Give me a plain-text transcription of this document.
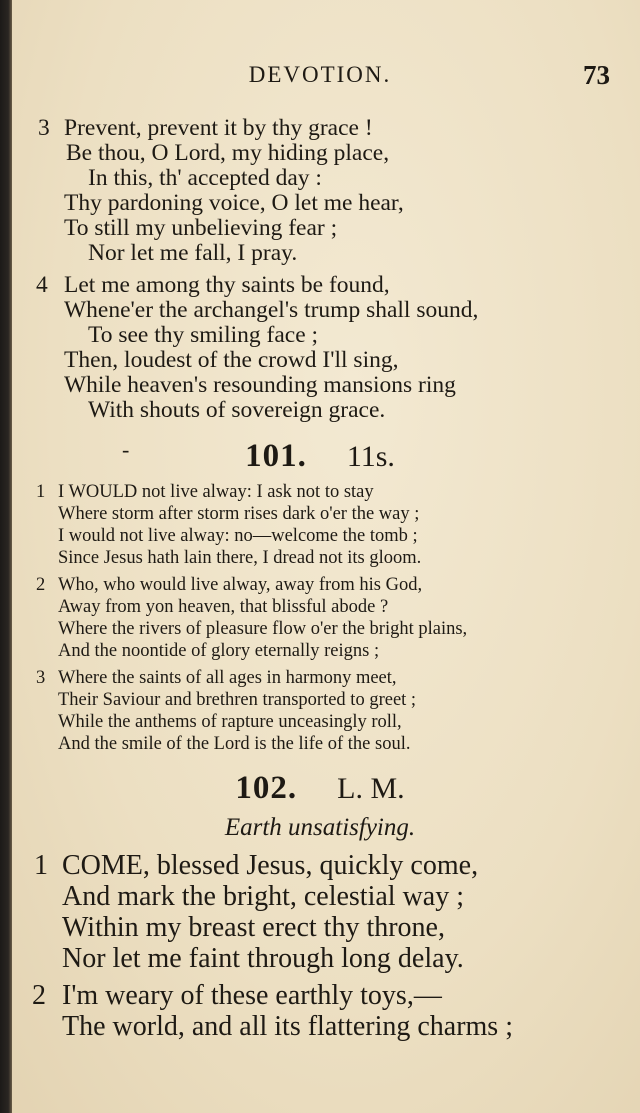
DEVOTION.	73
3 Prevent, prevent it by thy grace !
Be thou, O Lord, my hiding place,
In this, th' accepted day :
Thy pardoning voice, O let me hear,
To still my unbelieving fear ;
Nor let me fall, I pray.
4 Let me among thy saints be found,
Whene'er the archangel's trump shall sound,
To see thy smiling face ;
Then, loudest of the crowd I'll sing,
While heaven's resounding mansions ring
With shouts of sovereign grace.
-	101. 11s.
1 I WOULD not live alway: I ask not to stay
Where storm after storm rises dark o'er the way ;
I would not live alway: no—welcome the tomb ;
Since Jesus hath lain there, I dread not its gloom.
2 Who, who would live alway, away from his God,
Away from yon heaven, that blissful abode ?
Where the rivers of pleasure flow o'er the bright plains,
And the noontide of glory eternally reigns ;
3 Where the saints of all ages in harmony meet,
Their Saviour and brethren transported to greet ;
While the anthems of rapture unceasingly roll,
And the smile of the Lord is the life of the soul.
102. L. M.
Earth unsatisfying.
1 COME, blessed Jesus, quickly come,
And mark the bright, celestial way ;
Within my breast erect thy throne,
Nor let me faint through long delay.
2 I'm weary of these earthly toys,—
The world, and all its flattering charms ;
